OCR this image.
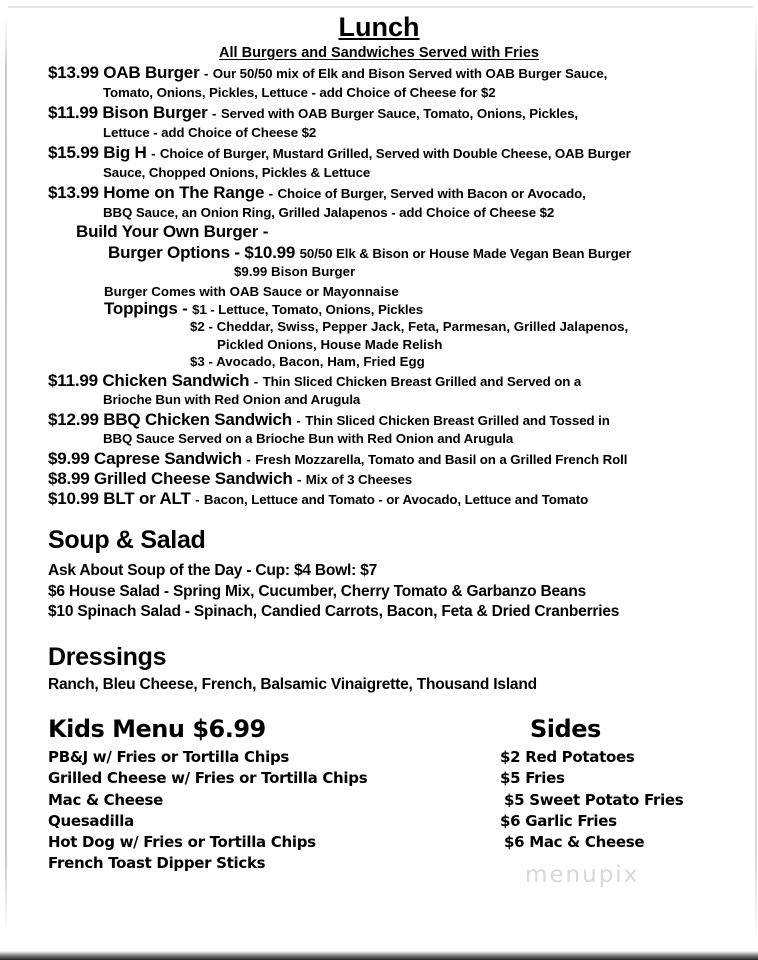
Lunch
All Burgers and Sandwiches Served with Fries
$13.99 OAB Burger - Our 50/50 mix of Elk and Bison Served with OAB Burger Sauce,
Tomato, Onions, Pickles, Lettuce - add Choice of Cheese for $2
$11.99 Bison Burger - Served with OAB Burger Sauce, Tomato, Onions, Pickles,
Lettuce - add Choice of Cheese $2
$15.99 Big H - Choice of Burger, Mustard Grilled, Served with Double Cheese, OAB Burger
Sauce, Chopped Onions, Pickles & Lettuce
$13.99 Home on The Range - Choice of Burger, Served with Bacon or Avocado,
BBQ Sauce, an Onion Ring, Grilled Jalapenos - add Choice of Cheese $2
Build Your Own Burger -
Burger Options - $10.99 50/50 Elk & Bison or House Made Vegan Bean Burger
$9.99 Bison Burger
Burger Comes with OAB Sauce or Mayonnaise
Toppings - $1 - Lettuce, Tomato, Onions, Pickles
$2 - Cheddar, Swiss, Pepper Jack, Feta, Parmesan, Grilled Jalapenos,
Pickled Onions, House Made Relish
$3 - Avocado, Bacon, Ham, Fried Egg
$11.99 Chicken Sandwich - Thin Sliced Chicken Breast Grilled and Served on a
Brioche Bun with Red Onion and Arugula
$12.99 BBQ Chicken Sandwich - Thin Sliced Chicken Breast Grilled and Tossed in
BBQ Sauce Served on a Brioche Bun with Red Onion and Arugula
$9.99 Caprese Sandwich - Fresh Mozzarella, Tomato and Basil on a Grilled French Roll
$8.99 Grilled Cheese Sandwich - Mix of 3 Cheeses
$10.99 BLT or ALT - Bacon, Lettuce and Tomato - or Avocado, Lettuce and Tomato
Soup & Salad
Ask About Soup of the Day - Cup: $4 Bowl: $7
$6 House Salad - Spring Mix, Cucumber, Cherry Tomato & Garbanzo Beans
$10 Spinach Salad - Spinach, Candied Carrots, Bacon, Feta & Dried Cranberries
Dressings
Ranch, Bleu Cheese, French, Balsamic Vinaigrette, Thousand Island
Kids Menu $6.99
PB&J w/ Fries or Tortilla Chips
Grilled Cheese w/ Fries or Tortilla Chips
Mac & Cheese
Quesadilla
Hot Dog w/ Fries or Tortilla Chips
French Toast Dipper Sticks
Sides
$2 Red Potatoes
$5 Fries
$5 Sweet Potato Fries
$6 Garlic Fries
$6 Mac & Cheese
menupix
